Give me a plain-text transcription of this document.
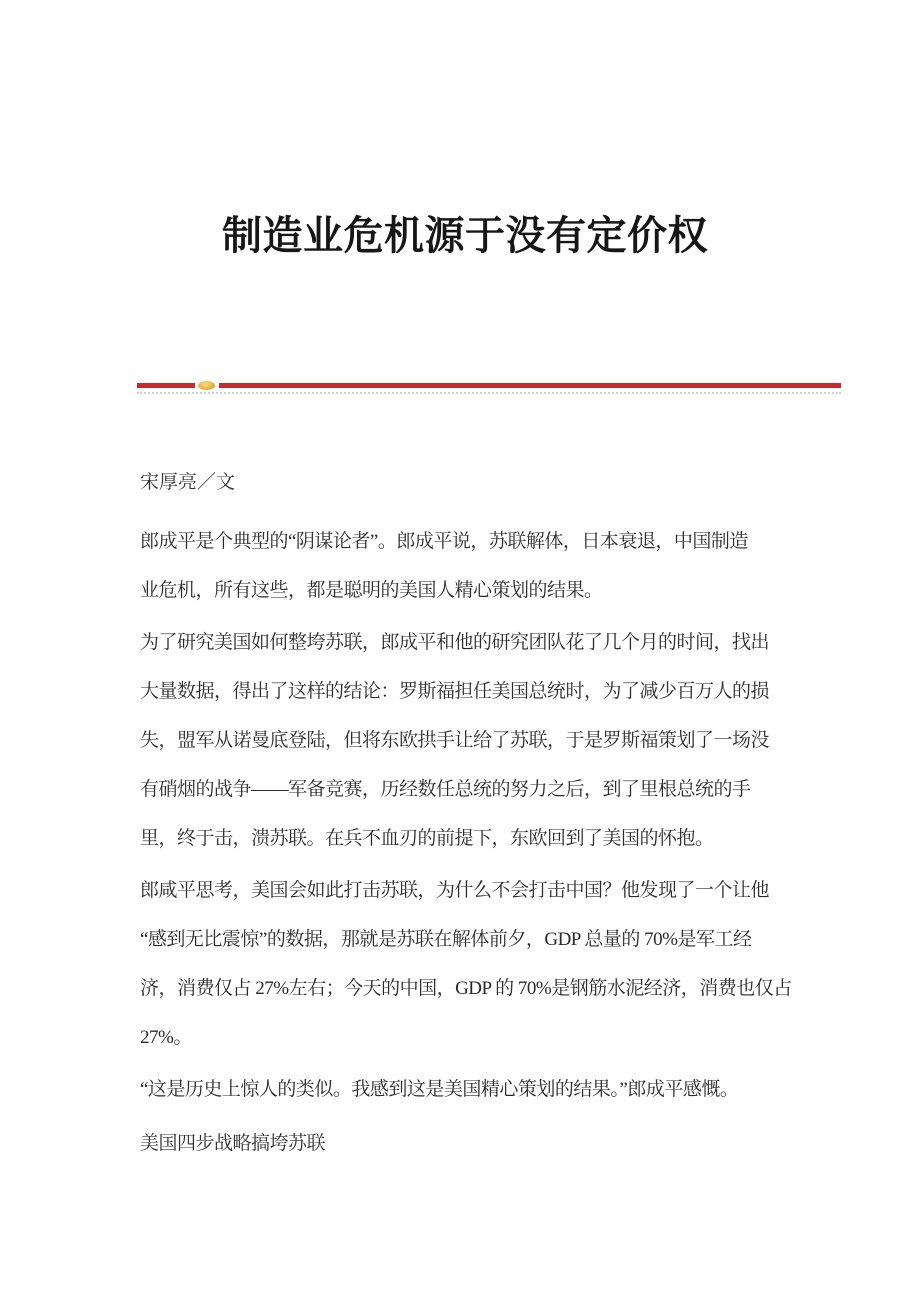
制造业危机源于没有定价权
宋厚亮／文
郎成平是个典型的“阴谋论者”。郎成平说，苏联解体，日本衰退，中国制造
业危机，所有这些，都是聪明的美国人精心策划的结果。
为了研究美国如何整垮苏联，郎成平和他的研究团队花了几个月的时间，找出
大量数据，得出了这样的结论：罗斯福担任美国总统时，为了减少百万人的损
失，盟军从诺曼底登陆，但将东欧拱手让给了苏联，于是罗斯福策划了一场没
有硝烟的战争——军备竞赛，历经数任总统的努力之后，到了里根总统的手
里，终于击，溃苏联。在兵不血刃的前提下，东欧回到了美国的怀抱。
郎咸平思考，美国会如此打击苏联，为什么不会打击中国？他发现了一个让他
“感到无比震惊”的数据，那就是苏联在解体前夕，GDP 总量的 70%是军工经
济，消费仅占 27%左右；今天的中国，GDP 的 70%是钢筋水泥经济，消费也仅占
27%。
“这是历史上惊人的类似。我感到这是美国精心策划的结果。”郎成平感慨。
美国四步战略搞垮苏联
